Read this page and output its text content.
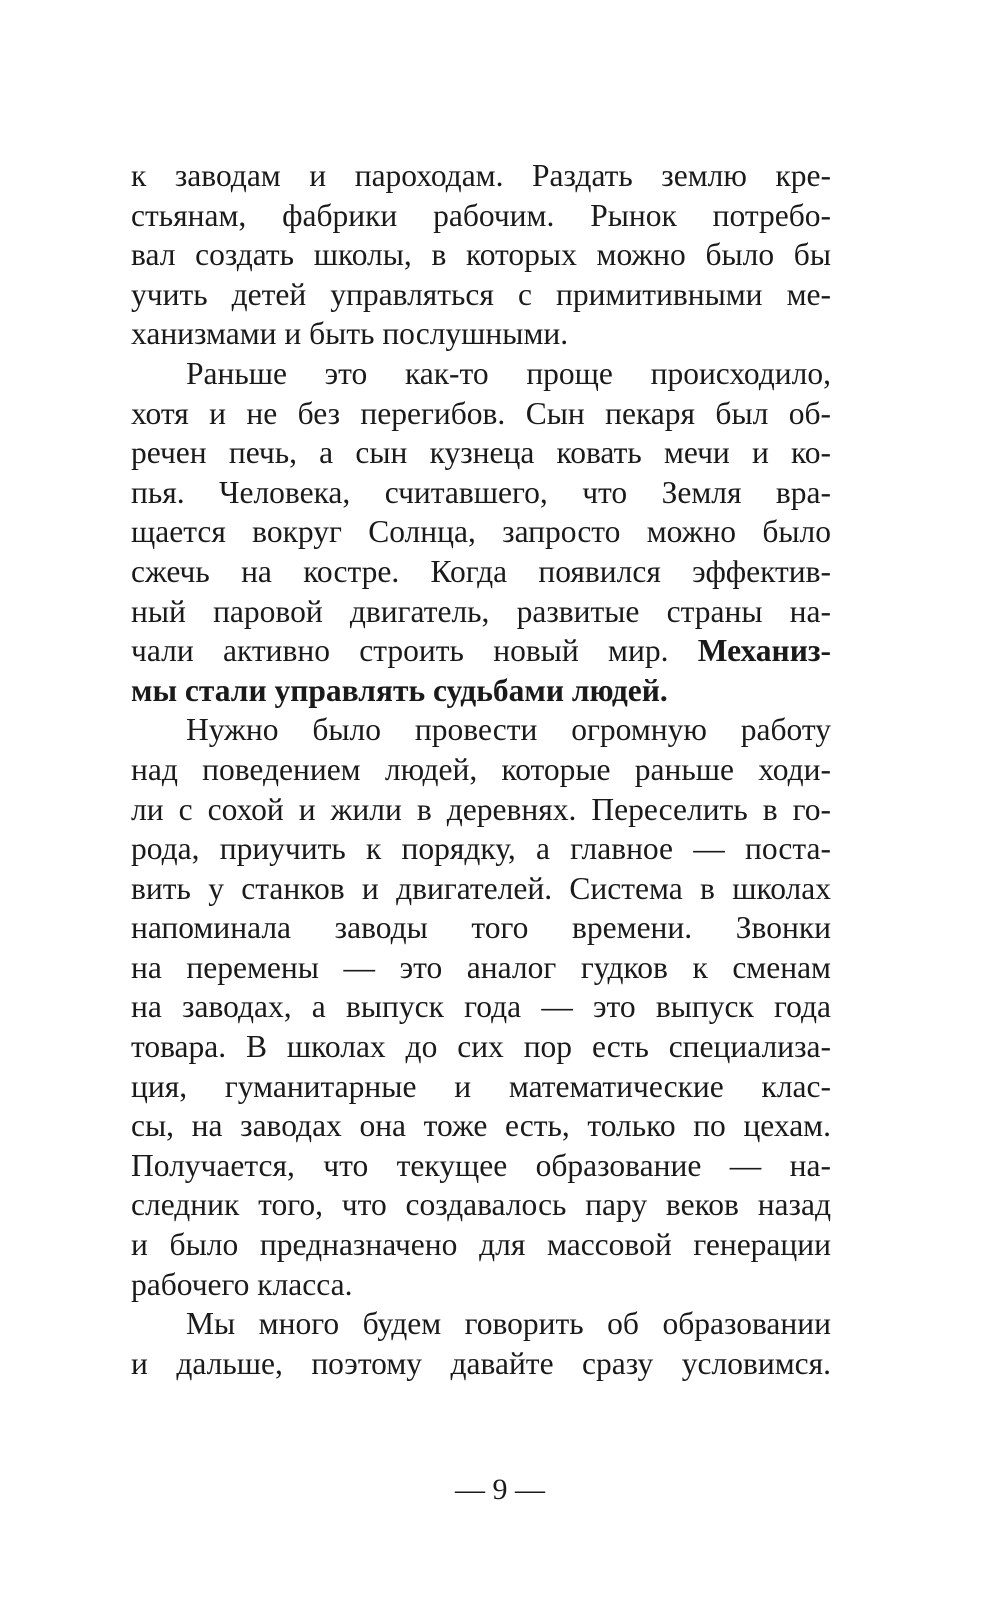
к заводам и пароходам. Раздать землю кре-
стьянам, фабрики рабочим. Рынок потребо-
вал создать школы, в которых можно было бы
учить детей управляться с примитивными ме-
ханизмами и быть послушными.
Раньше это как-то проще происходило,
хотя и не без перегибов. Сын пекаря был об-
речен печь, а сын кузнеца ковать мечи и ко-
пья. Человека, считавшего, что Земля вра-
щается вокруг Солнца, запросто можно было
сжечь на костре. Когда появился эффектив-
ный паровой двигатель, развитые страны на-
чали активно строить новый мир. Механиз-
мы стали управлять судьбами людей.
Нужно было провести огромную работу
над поведением людей, которые раньше ходи-
ли с сохой и жили в деревнях. Переселить в го-
рода, приучить к порядку, а главное — поста-
вить у станков и двигателей. Система в школах
напоминала заводы того времени. Звонки
на перемены — это аналог гудков к сменам
на заводах, а выпуск года — это выпуск года
товара. В школах до сих пор есть специализа-
ция, гуманитарные и математические клас-
сы, на заводах она тоже есть, только по цехам.
Получается, что текущее образование — на-
следник того, что создавалось пару веков назад
и было предназначено для массовой генерации
рабочего класса.
Мы много будем говорить об образовании
и дальше, поэтому давайте сразу условимся.
— 9 —
